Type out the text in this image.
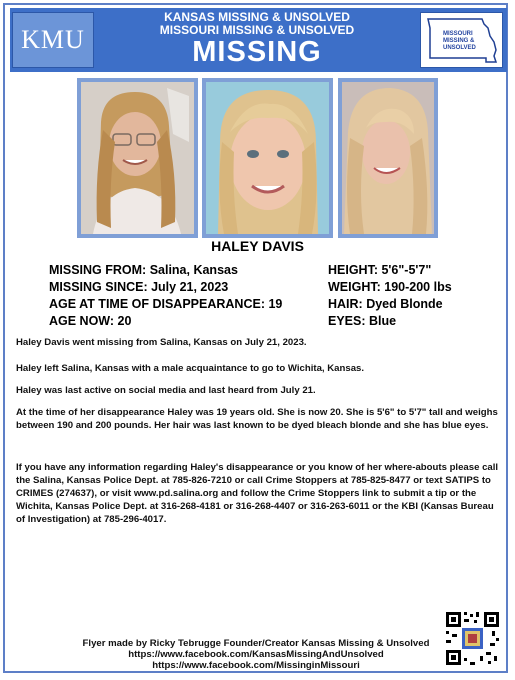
KMU
KANSAS MISSING & UNSOLVED
MISSOURI MISSING & UNSOLVED
MISSING
MISSOURI
MISSING &
UNSOLVED
HALEY DAVIS
MISSING FROM: Salina, Kansas
MISSING SINCE: July 21, 2023
AGE AT TIME OF DISAPPEARANCE: 19
AGE NOW: 20
HEIGHT: 5'6"-5'7"
WEIGHT: 190-200 lbs
HAIR: Dyed Blonde
EYES: Blue
Haley Davis went missing from Salina, Kansas on July 21, 2023.
Haley left Salina, Kansas with a male acquaintance to go to Wichita, Kansas.
Haley was last active on social media and last heard from July 21.
At the time of her disappearance Haley was 19 years old. She is now 20. She is 5'6" to 5'7" tall and weighs between 190 and 200 pounds. Her hair was last known to be dyed bleach blonde and she has blue eyes.
If you have any information regarding Haley's disappearance or you know of her where-abouts please call the Salina, Kansas Police Dept. at 785-826-7210 or call Crime Stoppers at 785-825-8477 or text SATIPS to CRIMES (274637), or visit www.pd.salina.org and follow the Crime Stoppers link to submit a tip or the Wichita, Kansas Police Dept. at 316-268-4181 or 316-268-4407 or 316-263-6011 or the KBI (Kansas Bureau of Investigation) at 785-296-4017.
Flyer made by Ricky Tebrugge Founder/Creator Kansas Missing & Unsolved
https://www.facebook.com/KansasMissingAndUnsolved
https://www.facebook.com/MissinginMissouri
